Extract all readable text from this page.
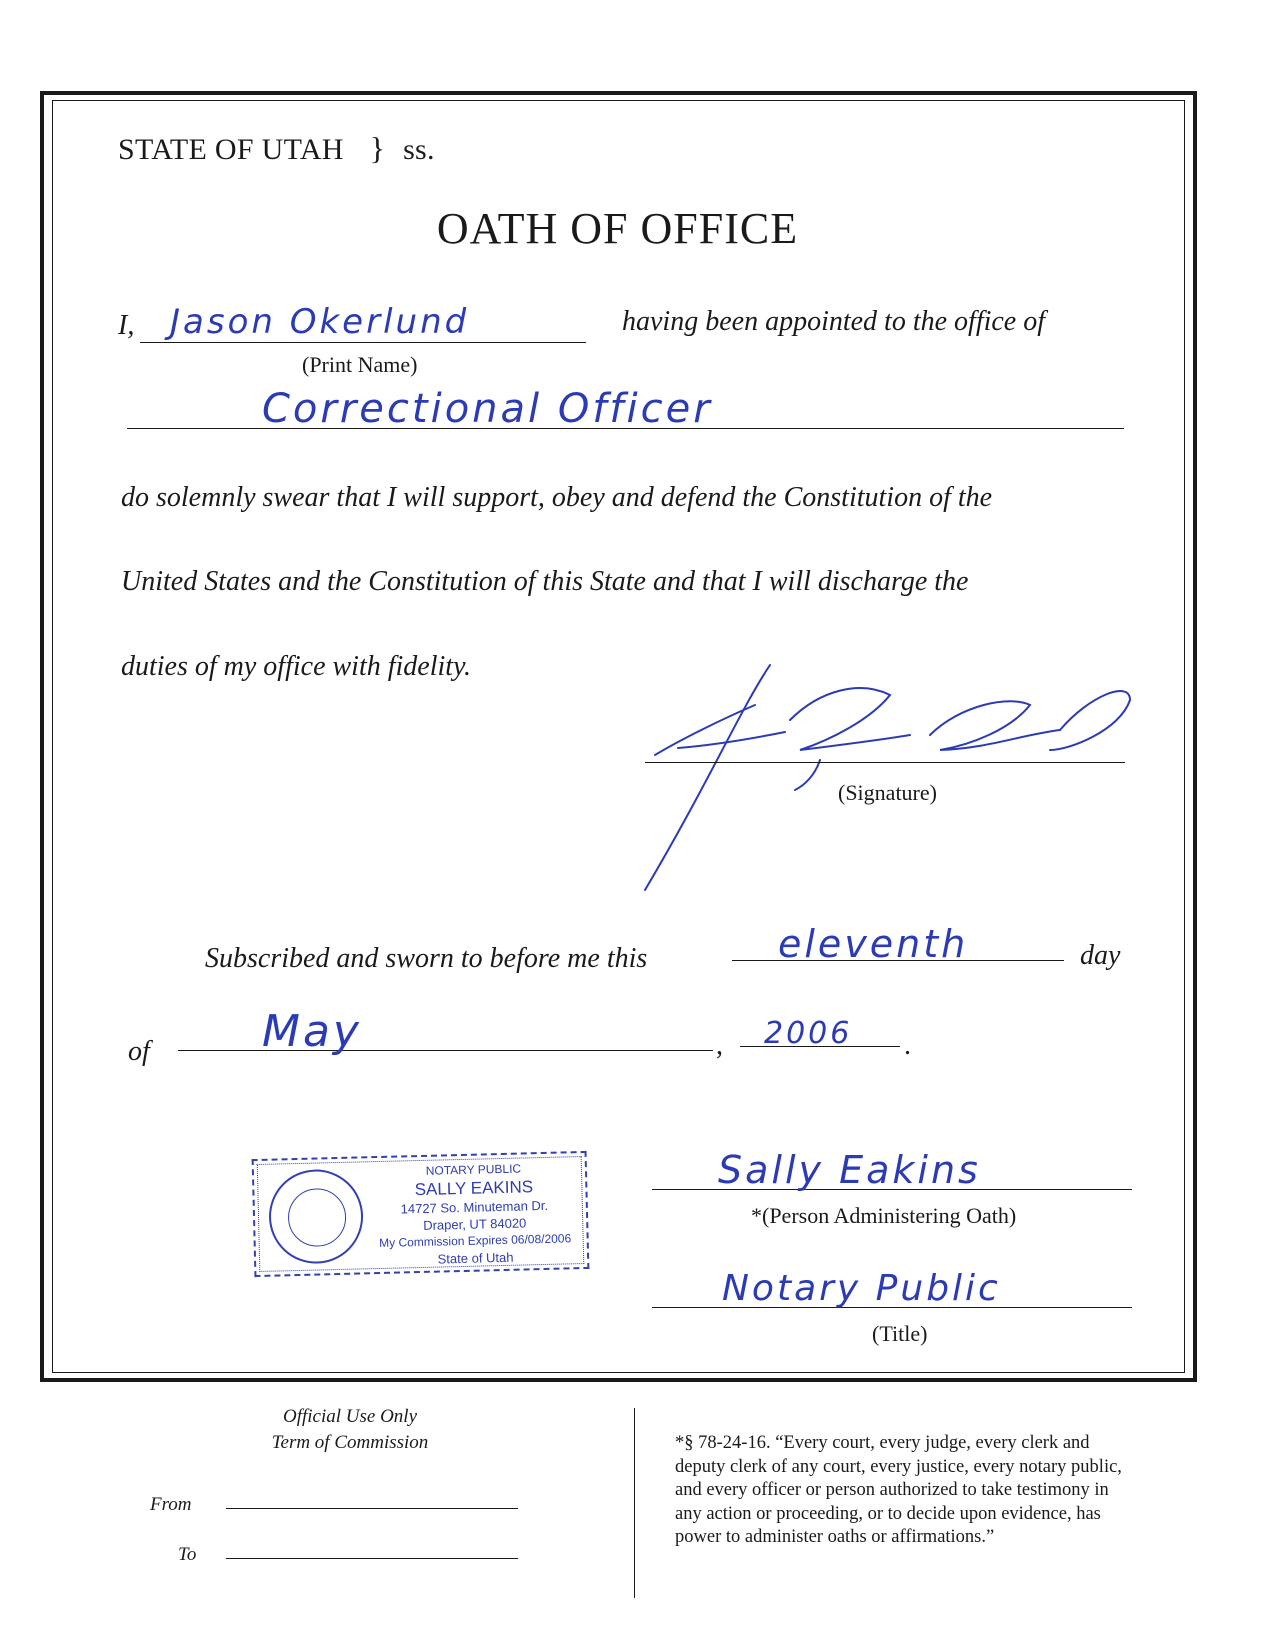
STATE OF UTAH } ss.
OATH OF OFFICE
I, Jason Okerlund	having been appointed to the office of
(Print Name)
Correctional Officer
do solemnly swear that I will support, obey and defend the Constitution of the
United States and the Constitution of this State and that I will discharge the
duties of my office with fidelity.
(Signature)
Subscribed and sworn to before me this	eleventh	day
of	May	, 2006 .
NOTARY PUBLIC
SALLY EAKINS
14727 So. Minuteman Dr.
Draper, UT 84020
My Commission Expires 06/08/2006
State of Utah
Sally Eakins
*(Person Administering Oath)
Notary Public
(Title)
Official Use Only
Term of Commission
From
To
*§ 78-24-16. “Every court, every judge, every clerk and
deputy clerk of any court, every justice, every notary public,
and every officer or person authorized to take testimony in
any action or proceeding, or to decide upon evidence, has
power to administer oaths or affirmations.”
